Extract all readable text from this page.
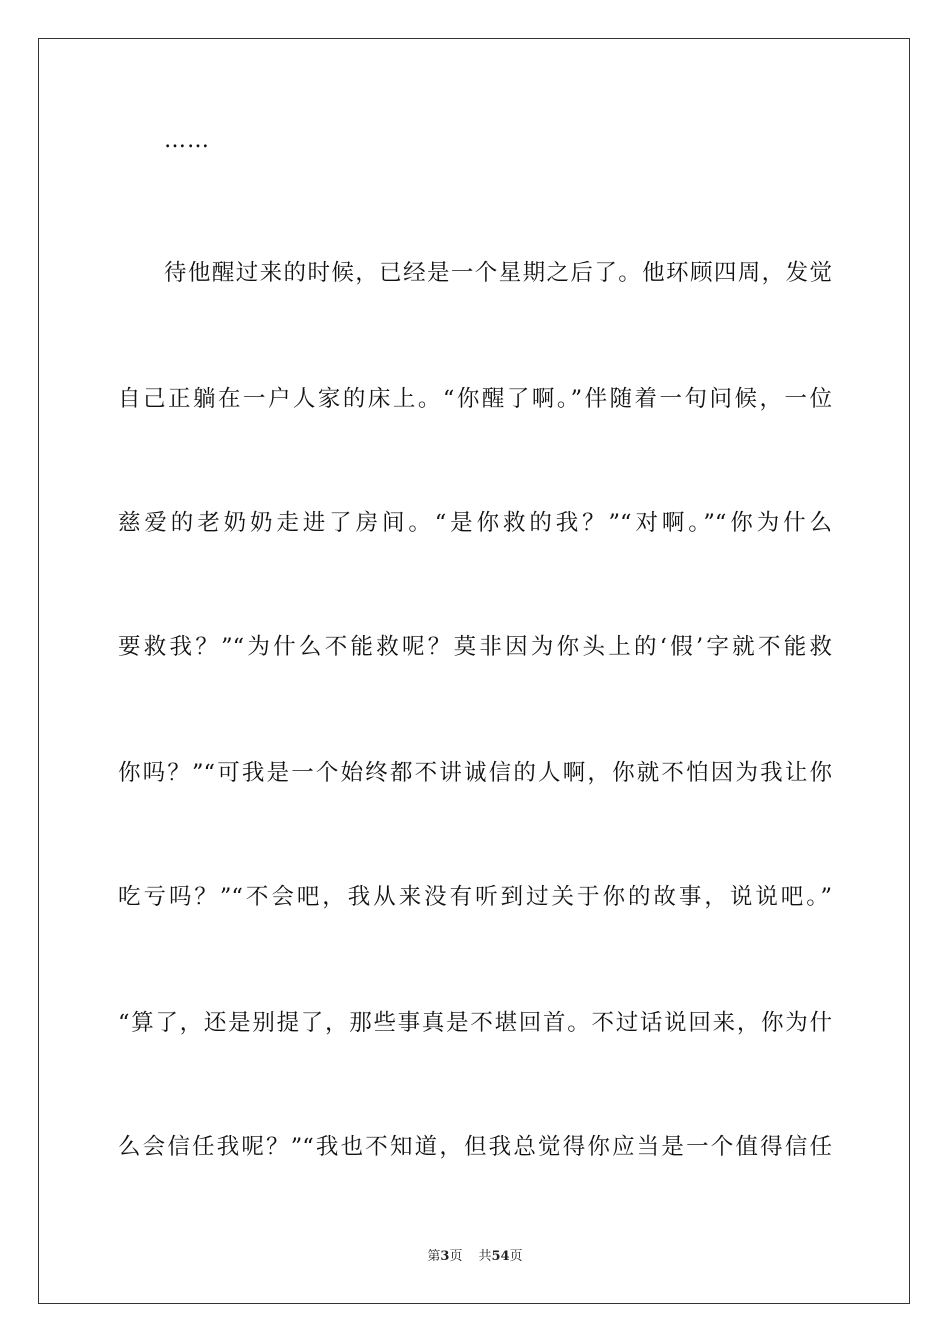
……
待他醒过来的时候，已经是一个星期之后了。他环顾四周，发觉
自己正躺在一户人家的床上。“你醒了啊。”伴随着一句问候，一位
慈爱的老奶奶走进了房间。“是你救的我？”“对啊。”“你为什么
要救我？”“为什么不能救呢？莫非因为你头上的‘假’字就不能救
你吗？”“可我是一个始终都不讲诚信的人啊，你就不怕因为我让你
吃亏吗？”“不会吧，我从来没有听到过关于你的故事，说说吧。”
“算了，还是别提了，那些事真是不堪回首。不过话说回来，你为什
么会信任我呢？”“我也不知道，但我总觉得你应当是一个值得信任
第3页 共54页
